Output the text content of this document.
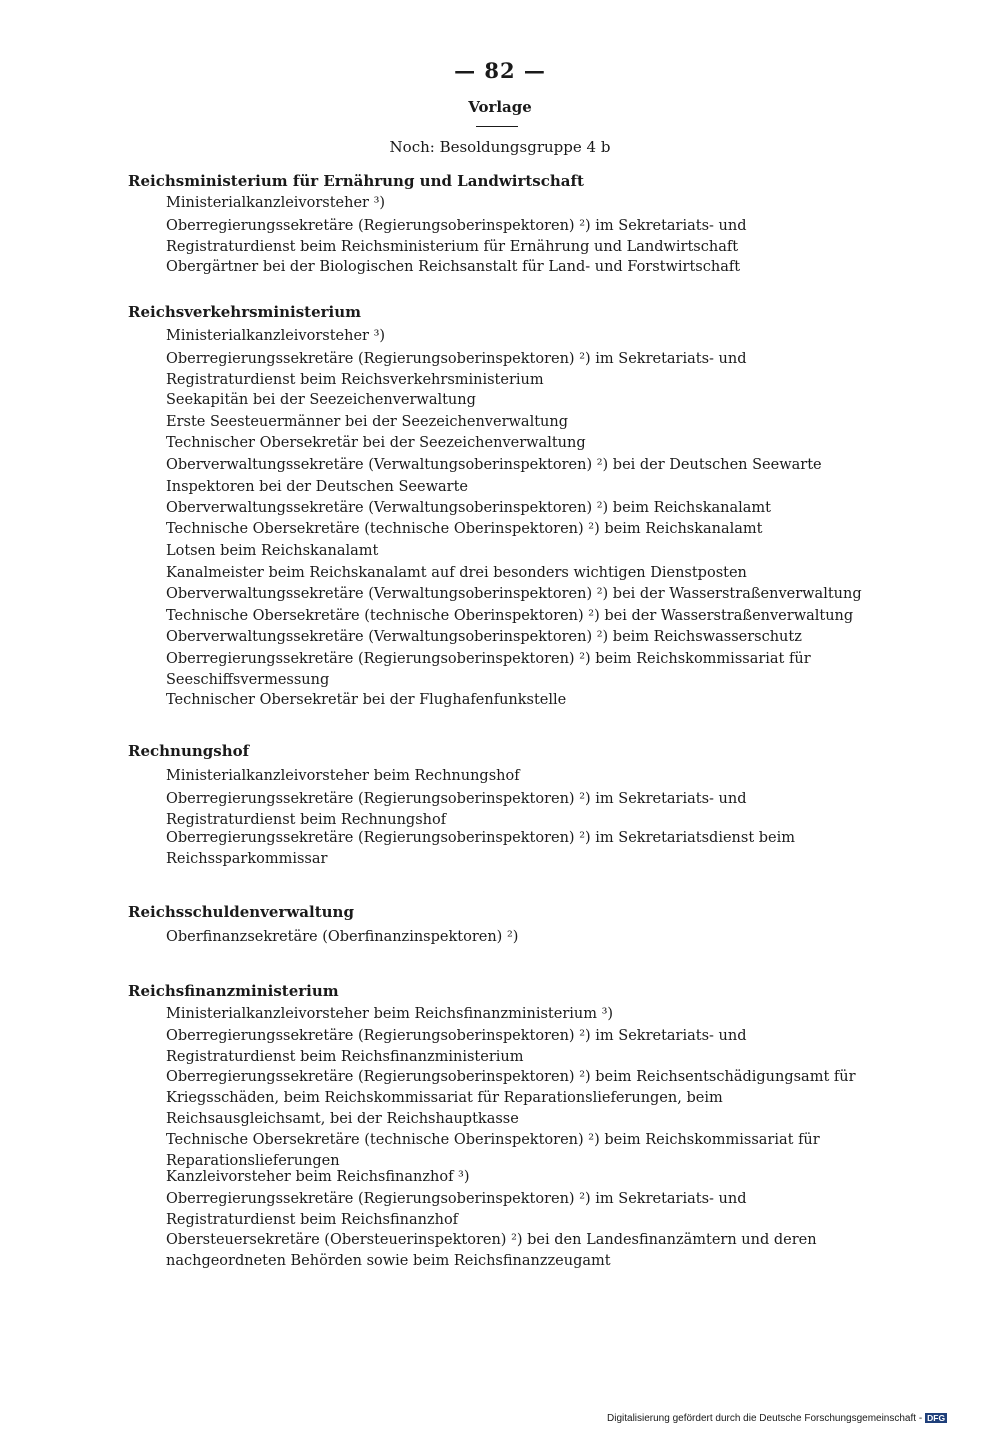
— 82 —
Vorlage
Noch: Besoldungsgruppe 4 b
Reichsministerium für Ernährung und Landwirtschaft
Ministerialkanzleivorsteher ³)
Oberregierungssekretäre (Regierungsoberinspektoren) ²) im Sekretariats- und Registraturdienst beim Reichsministerium für Ernährung und Landwirtschaft
Obergärtner bei der Biologischen Reichsanstalt für Land- und Forstwirtschaft
Reichsverkehrsministerium
Ministerialkanzleivorsteher ³)
Oberregierungssekretäre (Regierungsoberinspektoren) ²) im Sekretariats- und Registraturdienst beim Reichsverkehrsministerium
Seekapitän bei der Seezeichenverwaltung
Erste Seesteuermänner bei der Seezeichenverwaltung
Technischer Obersekretär bei der Seezeichenverwaltung
Oberverwaltungssekretäre (Verwaltungsoberinspektoren) ²) bei der Deutschen Seewarte
Inspektoren bei der Deutschen Seewarte
Oberverwaltungssekretäre (Verwaltungsoberinspektoren) ²) beim Reichskanalamt
Technische Obersekretäre (technische Oberinspektoren) ²) beim Reichskanalamt
Lotsen beim Reichskanalamt
Kanalmeister beim Reichskanalamt auf drei besonders wichtigen Dienstposten
Oberverwaltungssekretäre (Verwaltungsoberinspektoren) ²) bei der Wasserstraßenverwaltung
Technische Obersekretäre (technische Oberinspektoren) ²) bei der Wasserstraßenverwaltung
Oberverwaltungssekretäre (Verwaltungsoberinspektoren) ²) beim Reichswasserschutz
Oberregierungssekretäre (Regierungsoberinspektoren) ²) beim Reichskommissariat für Seeschiffsvermessung
Technischer Obersekretär bei der Flughafenfunkstelle
Rechnungshof
Ministerialkanzleivorsteher beim Rechnungshof
Oberregierungssekretäre (Regierungsoberinspektoren) ²) im Sekretariats- und Registraturdienst beim Rechnungshof
Oberregierungssekretäre (Regierungsoberinspektoren) ²) im Sekretariatsdienst beim Reichssparkommissar
Reichsschuldenverwaltung
Oberfinanzsekretäre (Oberfinanzinspektoren) ²)
Reichsfinanzministerium
Ministerialkanzleivorsteher beim Reichsfinanzministerium ³)
Oberregierungssekretäre (Regierungsoberinspektoren) ²) im Sekretariats- und Registraturdienst beim Reichsfinanzministerium
Oberregierungssekretäre (Regierungsoberinspektoren) ²) beim Reichsentschädigungsamt für Kriegsschäden, beim Reichskommissariat für Reparationslieferungen, beim Reichsausgleichsamt, bei der Reichshauptkasse
Technische Obersekretäre (technische Oberinspektoren) ²) beim Reichskommissariat für Reparationslieferungen
Kanzleivorsteher beim Reichsfinanzhof ³)
Oberregierungssekretäre (Regierungsoberinspektoren) ²) im Sekretariats- und Registraturdienst beim Reichsfinanzhof
Obersteuersekretäre (Obersteuerinspektoren) ²) bei den Landesfinanzämtern und deren nachgeordneten Behörden sowie beim Reichsfinanzzeugamt
Digitalisierung gefördert durch die Deutsche Forschungsgemeinschaft - DFG
